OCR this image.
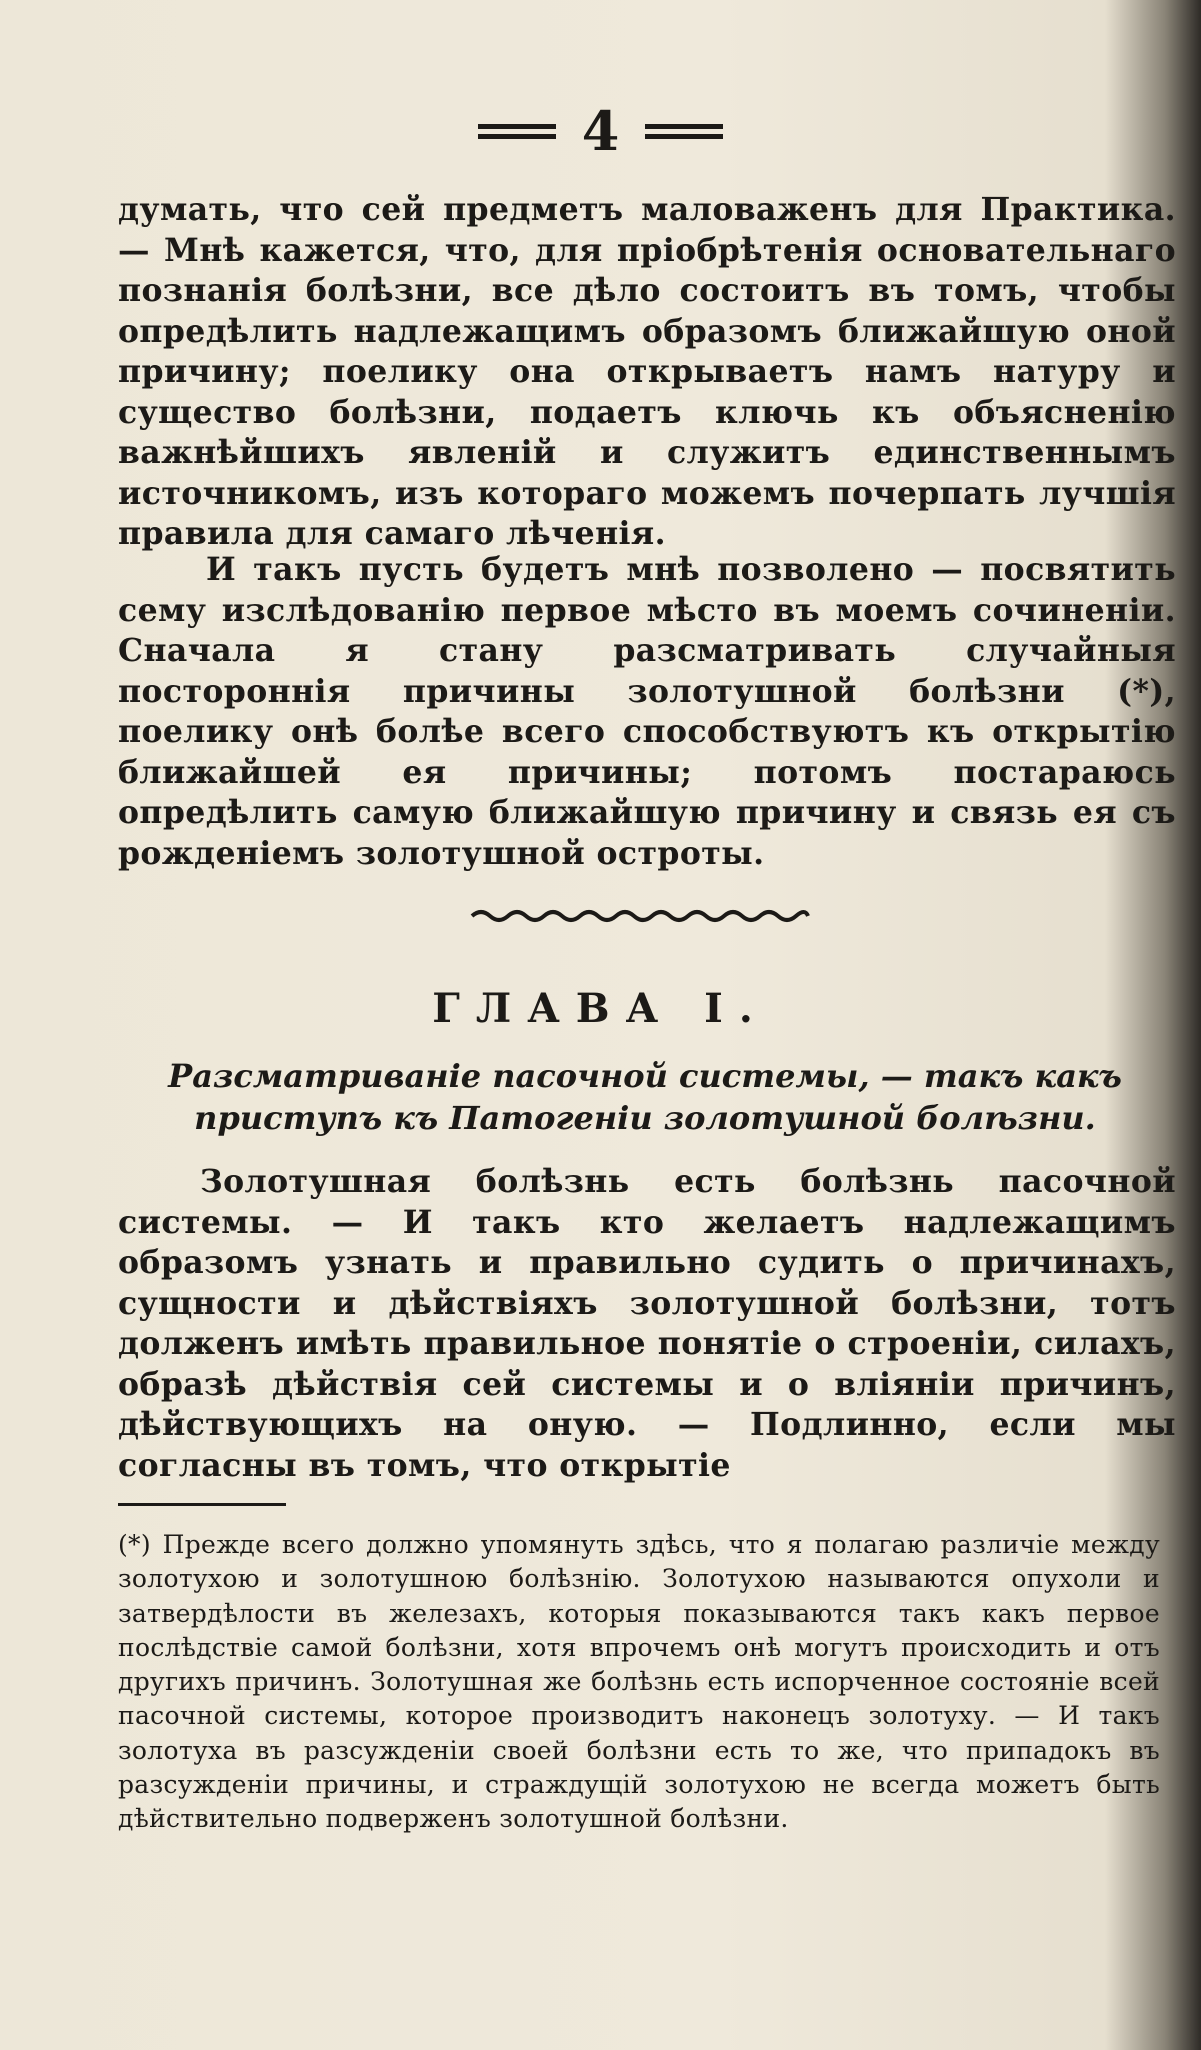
4
думать, что сей предметъ маловаженъ для Практика. — Мнѣ кажется, что, для пріобрѣтенія основательнаго познанія болѣзни, все дѣло состоитъ въ томъ, чтобы опредѣлить надлежащимъ образомъ ближайшую оной причину; поелику она открываетъ намъ натуру и существо болѣзни, подаетъ ключь къ объясненію важнѣйшихъ явленій и служитъ единственнымъ источникомъ, изъ котораго можемъ почерпать лучшія правила для самаго лѣченія.
И такъ пусть будетъ мнѣ позволено — посвятить сему изслѣдованію первое мѣсто въ моемъ сочиненіи. Сначала я стану разсматривать случайныя постороннія причины золотушной болѣзни (*), поелику онѣ болѣе всего способствуютъ къ открытію ближайшей ея причины; потомъ постараюсь опредѣлить самую ближайшую причину и связь ея съ рожденіемъ золотушной остроты.
ГЛАВА I.
Разсматриваніе пасочной системы, — такъ какъ приступъ къ Патогеніи золотушной болѣзни.
Золотушная болѣзнь есть болѣзнь пасочной системы. — И такъ кто желаетъ надлежащимъ образомъ узнать и правильно судить о причинахъ, сущности и дѣйствіяхъ золотушной болѣзни, тотъ долженъ имѣть правильное понятіе о строеніи, силахъ, образѣ дѣйствія сей системы и о вліяніи причинъ, дѣйствующихъ на оную. — Подлинно, если мы согласны въ томъ, что открытіе
(*) Прежде всего должно упомянуть здѣсь, что я полагаю различіе между золотухою и золотушною болѣзнію. Золотухою называются опухоли и затвердѣлости въ железахъ, которыя показываются такъ какъ первое послѣдствіе самой болѣзни, хотя впрочемъ онѣ могутъ происходить и отъ другихъ причинъ. Золотушная же болѣзнь есть испорченное состояніе всей пасочной системы, которое производитъ наконецъ золотуху. — И такъ золотуха въ разсужденіи своей болѣзни есть то же, что припадокъ въ разсужденіи причины, и страждущій золотухою не всегда можетъ быть дѣйствительно подверженъ золотушной болѣзни.
